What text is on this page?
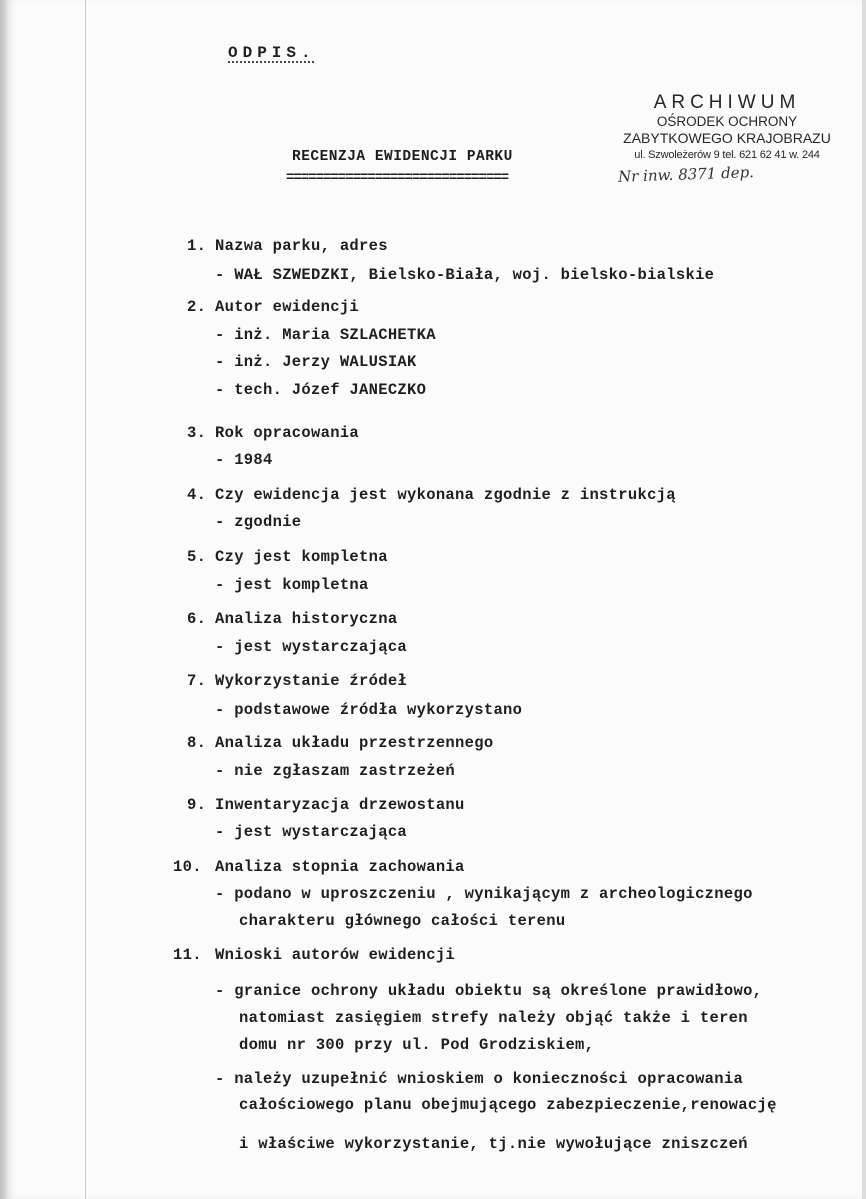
ODPIS.
ARCHIWUM
OŚRODEK OCHRONY
ZABYTKOWEGO KRAJOBRAZU
ul. Szwoleżerów 9 tel. 621 62 41 w. 244
Nr inw. 8371 dep.
RECENZJA EWIDENCJI PARKU
==============================
1. Nazwa parku, adres
- WAŁ SZWEDZKI, Bielsko-Biała, woj. bielsko-bialskie
2. Autor ewidencji
- inż. Maria SZLACHETKA
- inż. Jerzy WALUSIAK
- tech. Józef JANECZKO
3. Rok opracowania
- 1984
4. Czy ewidencja jest wykonana zgodnie z instrukcją
- zgodnie
5. Czy jest kompletna
- jest kompletna
6. Analiza historyczna
- jest wystarczająca
7. Wykorzystanie źródeł
- podstawowe źródła wykorzystano
8. Analiza układu przestrzennego
- nie zgłaszam zastrzeżeń
9. Inwentaryzacja drzewostanu
- jest wystarczająca
10. Analiza stopnia zachowania
- podano w uproszczeniu , wynikającym z archeologicznego
charakteru głównego całości terenu
11. Wnioski autorów ewidencji
- granice ochrony układu obiektu są określone prawidłowo,
natomiast zasięgiem strefy należy objąć także i teren
domu nr 300 przy ul. Pod Grodziskiem,
- należy uzupełnić wnioskiem o konieczności opracowania
całościowego planu obejmującego zabezpieczenie,renowację
i właściwe wykorzystanie, tj.nie wywołujące zniszczeń
